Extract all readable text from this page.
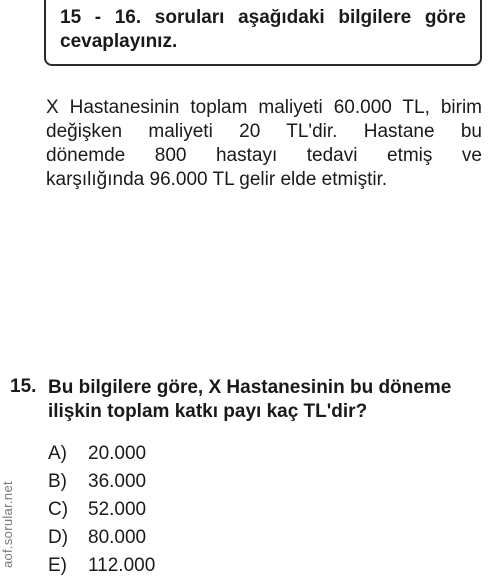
15 - 16. soruları aşağıdaki bilgilere göre cevaplayınız.

X Hastanesinin toplam maliyeti 60.000 TL, birim
değişken maliyeti 20 TL'dir. Hastane bu
dönemde 800 hastayı tedavi etmiş ve
karşılığında 96.000 TL gelir elde etmiştir.

15. Bu bilgilere göre, X Hastanesinin bu döneme ilişkin toplam katkı payı kaç TL'dir?

A)	20.000
B)	36.000
C)	52.000
D)	80.000
E)	112.000
aof.sorular.net
